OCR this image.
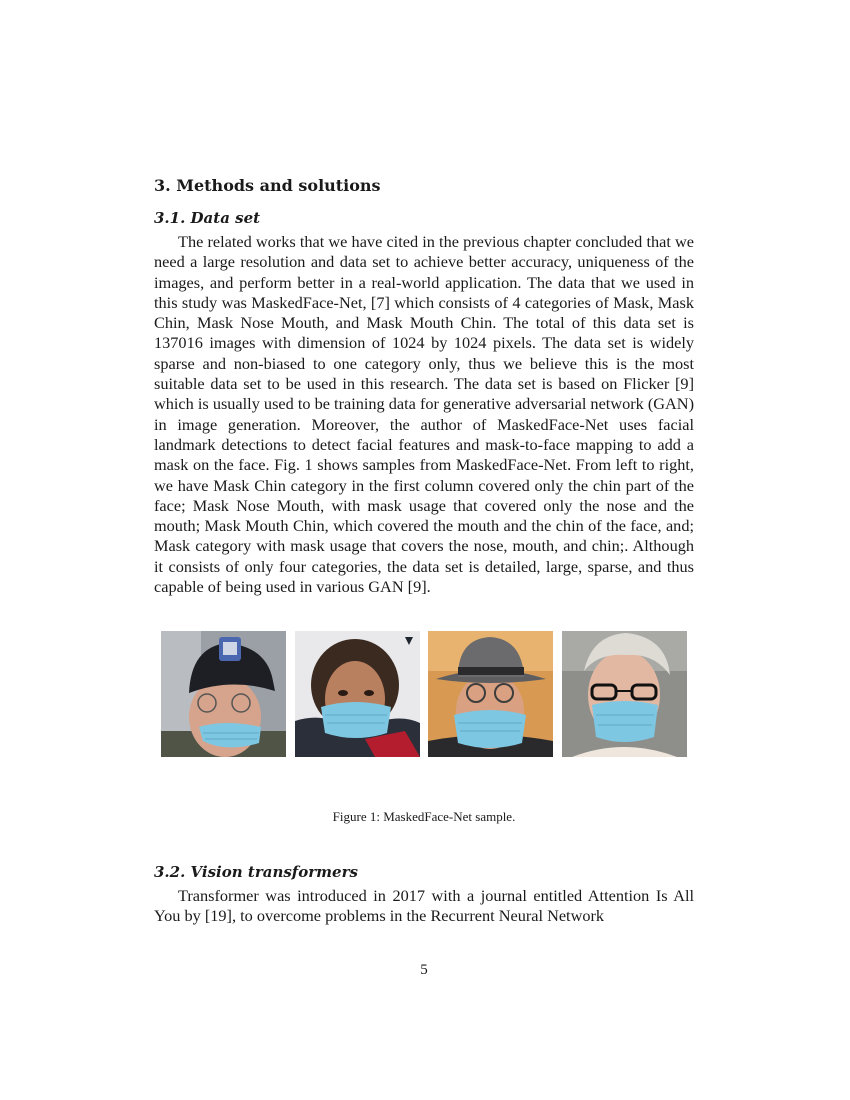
3. Methods and solutions
3.1. Data set

The related works that we have cited in the previous chapter concluded that we need a large resolution and data set to achieve better accuracy, uniqueness of the images, and perform better in a real-world application. The data that we used in this study was MaskedFace-Net, [7] which consists of 4 categories of Mask, Mask Chin, Mask Nose Mouth, and Mask Mouth Chin. The total of this data set is 137016 images with dimension of 1024 by 1024 pixels. The data set is widely sparse and non-biased to one category only, thus we believe this is the most suitable data set to be used in this research. The data set is based on Flicker [9] which is usually used to be training data for generative adversarial network (GAN) in image generation. Moreover, the author of MaskedFace-Net uses facial landmark detections to detect facial features and mask-to-face mapping to add a mask on the face. Fig. 1 shows samples from MaskedFace-Net. From left to right, we have Mask Chin category in the first column covered only the chin part of the face; Mask Nose Mouth, with mask usage that covered only the nose and the mouth; Mask Mouth Chin, which covered the mouth and the chin of the face, and; Mask category with mask usage that covers the nose, mouth, and chin;. Although it consists of only four categories, the data set is detailed, large, sparse, and thus capable of being used in various GAN [9].

Figure 1: MaskedFace-Net sample.

3.2. Vision transformers

Transformer was introduced in 2017 with a journal entitled Attention Is All You by [19], to overcome problems in the Recurrent Neural Network

5
